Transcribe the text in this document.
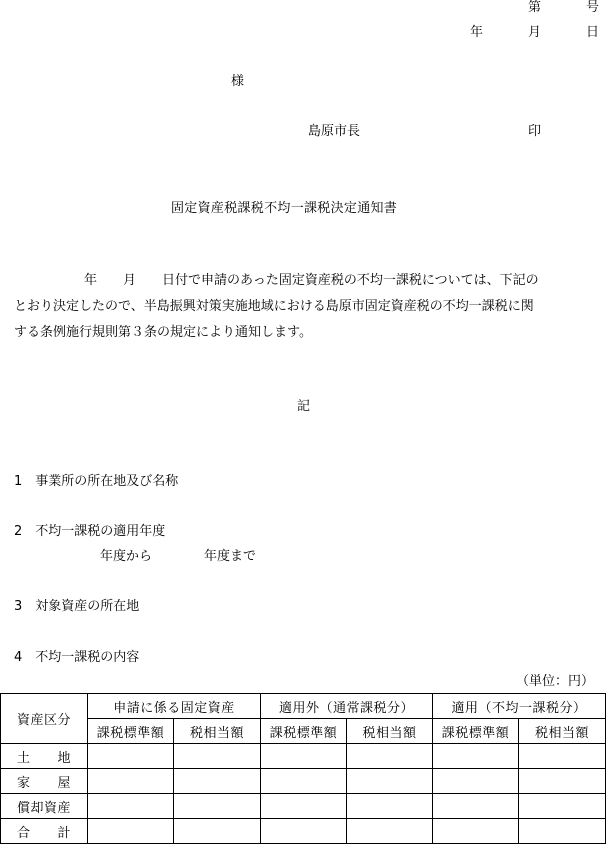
第	号
年	月	日
様
島原市長	印
固定資産税課税不均一課税決定通知書
年　　月　　日付で申請のあった固定資産税の不均一課税については、下記の
とおり決定したので、半島振興対策実施地域における島原市固定資産税の不均一課税に関
する条例施行規則第３条の規定により通知します。
記
1　事業所の所在地及び名称
2　不均一課税の適用年度
年度から　　　　年度まで
3　対象資産の所在地
4　不均一課税の内容
（単位：円）
資産区分	申請に係る固定資産		適用外（通常課税分）		適用（不均一課税分）	
	課税標準額	税相当額	課税標準額	税相当額	課税標準額	税相当額
土　　地						
家　　屋						
償却資産						
合　　計						
